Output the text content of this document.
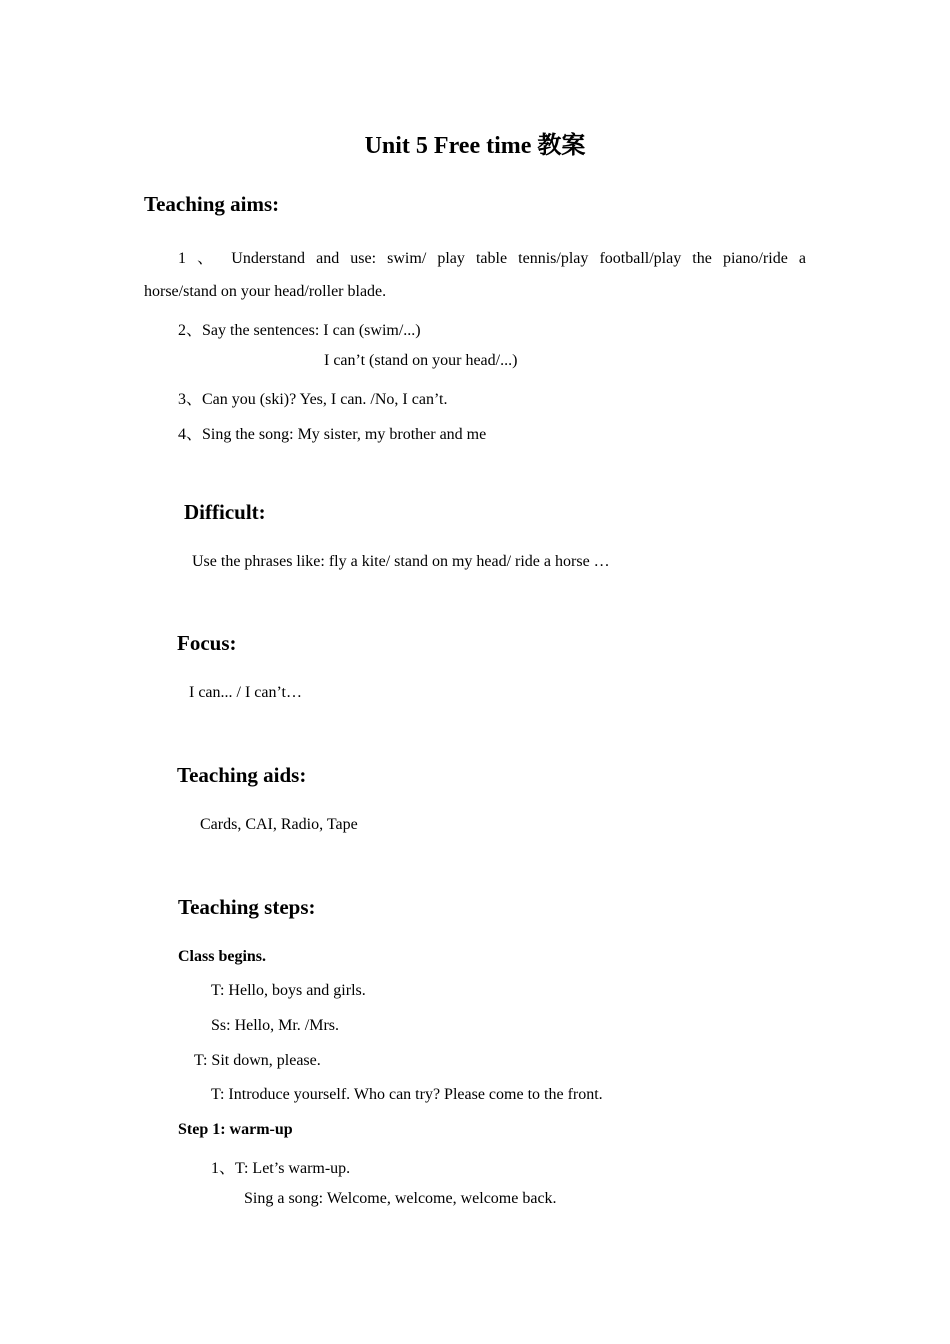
Unit 5 Free time 教案
Teaching aims:

1 、 Understand and use: swim/ play table tennis/play football/play the piano/ride a

horse/stand on your head/roller blade.
2、Say the sentences: I can (swim/...)
I can’t (stand on your head/...)
3、Can you (ski)? Yes, I can. /No, I can’t.
4、Sing the song: My sister, my brother and me
Difficult:
Use the phrases like: fly a kite/ stand on my head/ ride a horse …
Focus:
I can... / I can’t…
Teaching aids:
Cards, CAI, Radio, Tape
Teaching steps:
Class begins.
T: Hello, boys and girls.
Ss: Hello, Mr. /Mrs.
T: Sit down, please.
T: Introduce yourself. Who can try? Please come to the front.
Step 1: warm-up
1、T: Let’s warm-up.
Sing a song: Welcome, welcome, welcome back.
